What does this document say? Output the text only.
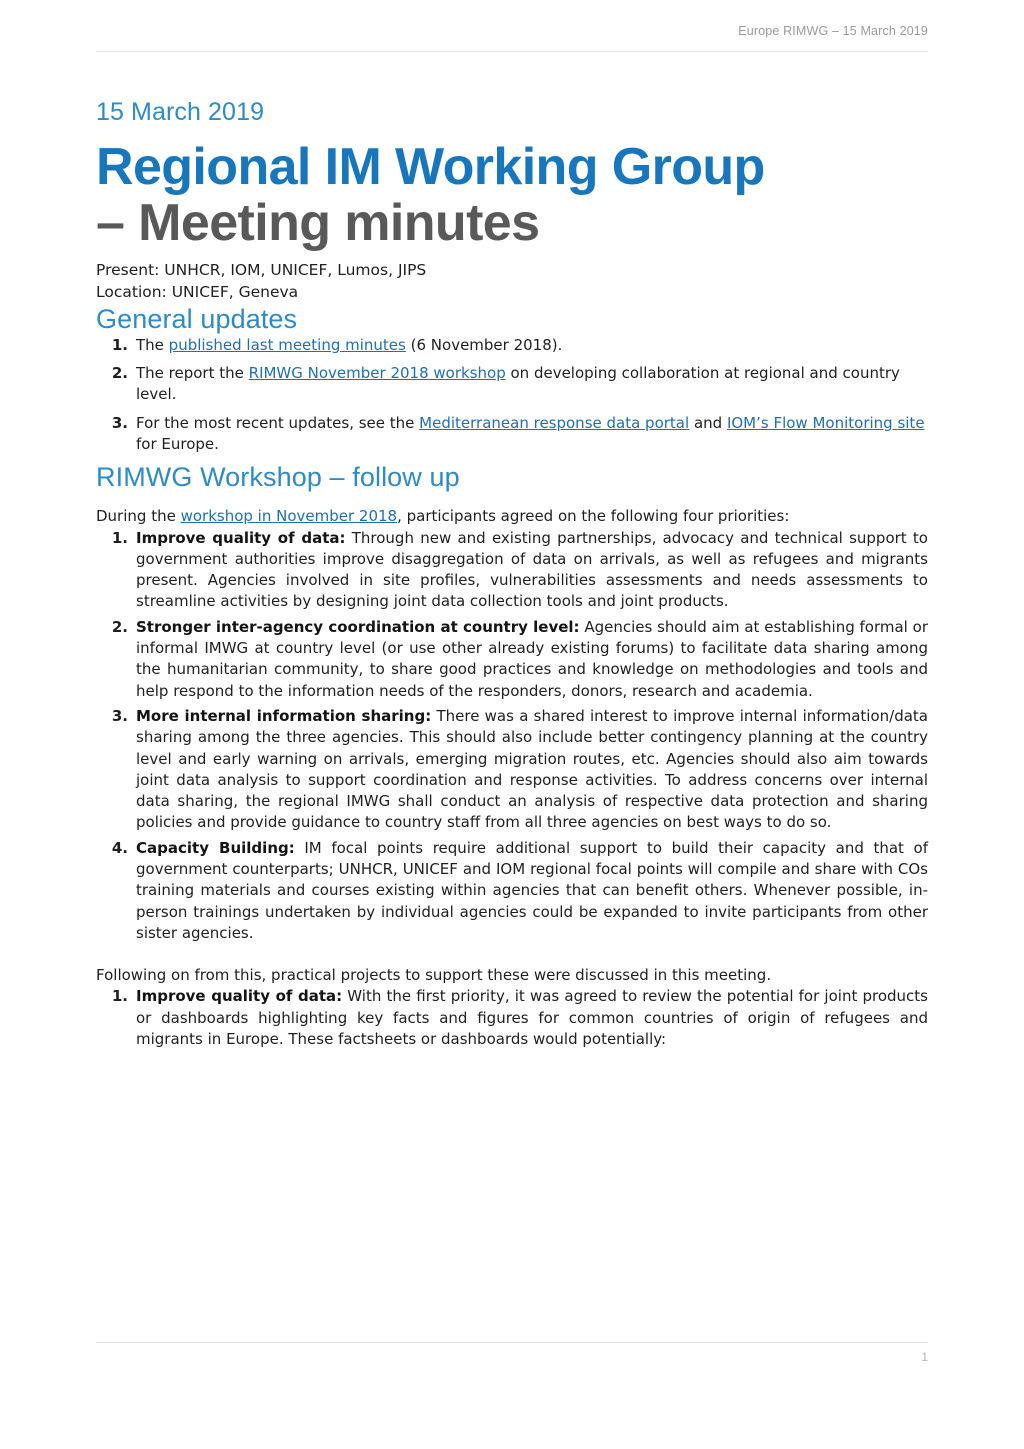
Europe RIMWG – 15 March 2019
15 March 2019
Regional IM Working Group
– Meeting minutes
Present: UNHCR, IOM, UNICEF, Lumos, JIPS
Location: UNICEF, Geneva
General updates
1. The published last meeting minutes (6 November 2018).
2. The report the RIMWG November 2018 workshop on developing collaboration at regional and country level.
3. For the most recent updates, see the Mediterranean response data portal and IOM’s Flow Monitoring site for Europe.
RIMWG Workshop – follow up

During the workshop in November 2018, participants agreed on the following four priorities:

1. Improve quality of data: Through new and existing partnerships, advocacy and technical support to government authorities improve disaggregation of data on arrivals, as well as refugees and migrants present. Agencies involved in site profiles, vulnerabilities assessments and needs assessments to streamline activities by designing joint data collection tools and joint products.
2. Stronger inter-agency coordination at country level: Agencies should aim at establishing formal or informal IMWG at country level (or use other already existing forums) to facilitate data sharing among the humanitarian community, to share good practices and knowledge on methodologies and tools and help respond to the information needs of the responders, donors, research and academia.
3. More internal information sharing: There was a shared interest to improve internal information/data sharing among the three agencies. This should also include better contingency planning at the country level and early warning on arrivals, emerging migration routes, etc. Agencies should also aim towards joint data analysis to support coordination and response activities. To address concerns over internal data sharing, the regional IMWG shall conduct an analysis of respective data protection and sharing policies and provide guidance to country staff from all three agencies on best ways to do so.
4. Capacity Building: IM focal points require additional support to build their capacity and that of government counterparts; UNHCR, UNICEF and IOM regional focal points will compile and share with COs training materials and courses existing within agencies that can benefit others. Whenever possible, in-person trainings undertaken by individual agencies could be expanded to invite participants from other sister agencies.

Following on from this, practical projects to support these were discussed in this meeting.

1. Improve quality of data: With the first priority, it was agreed to review the potential for joint products or dashboards highlighting key facts and figures for common countries of origin of refugees and migrants in Europe. These factsheets or dashboards would potentially:
1
